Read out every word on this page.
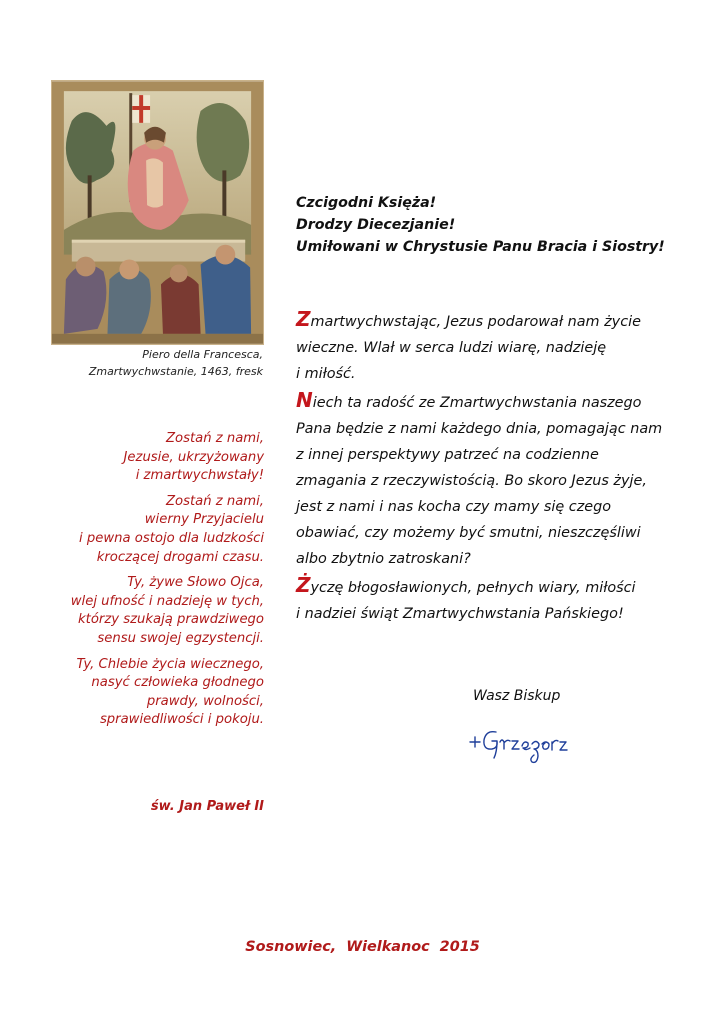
Piero della Francesca,
Zmartwychwstanie, 1463, fresk
Zostań z nami,
Jezusie, ukrzyżowany
i zmartwychwstały!
Zostań z nami,
wierny Przyjacielu
i pewna ostojo dla ludzkości
kroczącej drogami czasu.
Ty, żywe Słowo Ojca,
wlej ufność i nadzieję w tych,
którzy szukają prawdziwego
sensu swojej egzystencji.
Ty, Chlebie życia wiecznego,
nasyć człowieka głodnego
prawdy, wolności,
sprawiedliwości i pokoju.
św. Jan Paweł II
Czcigodni Księża!
Drodzy Diecezjanie!
Umiłowani w Chrystusie Panu Bracia i Siostry!
Zmartwychwstając, Jezus podarował nam życie
wieczne. Wlał w serca ludzi wiarę, nadzieję
i miłość.
Niech ta radość ze Zmartwychwstania naszego
Pana będzie z nami każdego dnia, pomagając nam
z innej perspektywy patrzeć na codzienne
zmagania z rzeczywistością. Bo skoro Jezus żyje,
jest z nami i nas kocha czy mamy się czego
obawiać, czy możemy być smutni, nieszczęśliwi
albo zbytnio zatroskani?
Życzę błogosławionych, pełnych wiary, miłości
i nadziei świąt Zmartwychwstania Pańskiego!
Wasz Biskup
Sosnowiec,  Wielkanoc  2015
